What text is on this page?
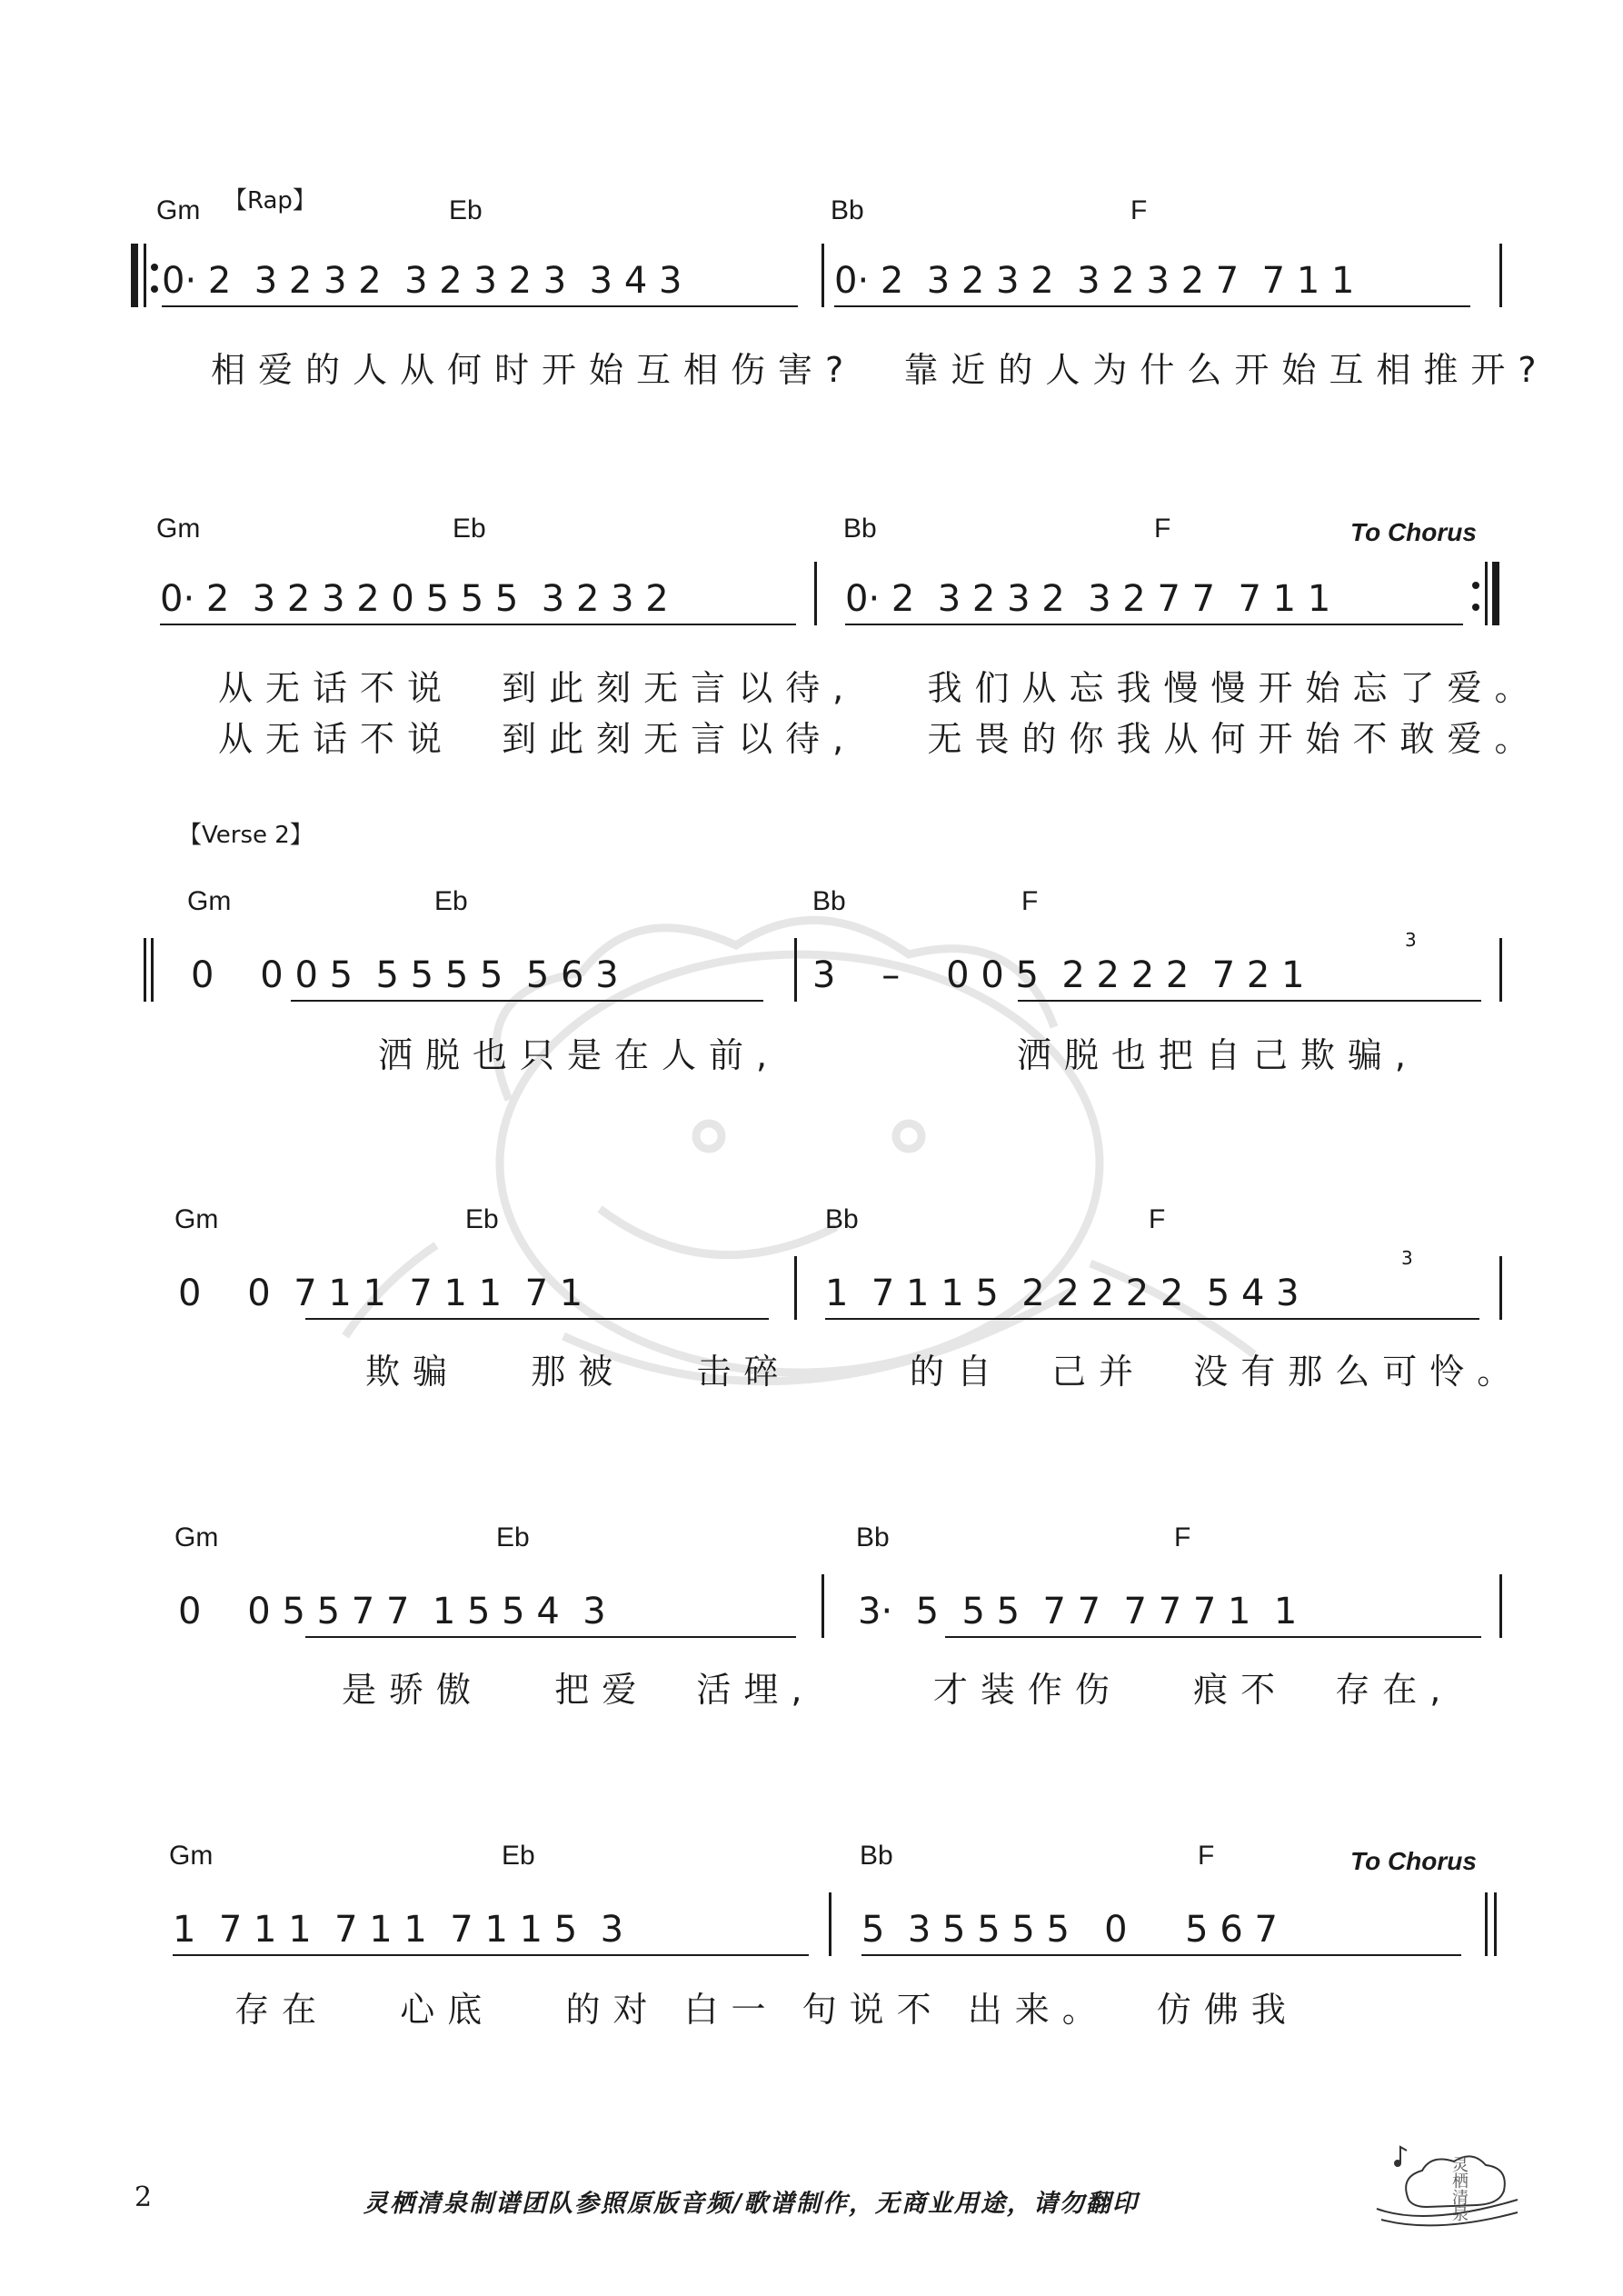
【Rap】
Gm	Eb	Bb	F
0· 2  3 2 3 2  3 2 3 2 3  3 4 3	0· 2  3 2 3 2  3 2 3 2 7  7 1 1
相爱的人从何时开始互相伤害?  靠近的人为什么开始互相推开?
Gm	Eb	Bb	F	To Chorus
0· 2  3 2 3 2 0 5 5 5  3 2 3 2	0· 2  3 2 3 2  3 2 7 7  7 1 1
从无话不说  到此刻无言以待,   我们从忘我慢慢开始忘了爱。
从无话不说  到此刻无言以待,   无畏的你我从何开始不敢爱。
【Verse 2】
Gm	Eb	Bb	F
0    0 0 5  5 5 5 5  5 6 3	3    –    0 0 5  2 2 2 2  7 2 1
3
洒脱也只是在人前,          洒脱也把自己欺骗,
Gm	Eb	Bb	F
0    0  7 1 1  7 1 1  7 1	1  7 1 1 5  2 2 2 2 2  5 4 3
3
欺骗   那被   击碎     的自  己并  没有那么可怜。
Gm	Eb	Bb	F
0    0 5 5 7 7  1 5 5 4  3	3·  5  5 5  7 7  7 7 7 1  1
是骄傲   把爱  活埋,     才装作伤   痕不  存在,
Gm	Eb	Bb	F	To Chorus
1  7 1 1  7 1 1  7 1 1 5  3	5  3 5 5 5 5   0     5 6 7
存在   心底   的对 白一 句说不 出来。  仿佛我
2	灵栖清泉制谱团队参照原版音频/歌谱制作，无商业用途，请勿翻印	灵栖清泉
